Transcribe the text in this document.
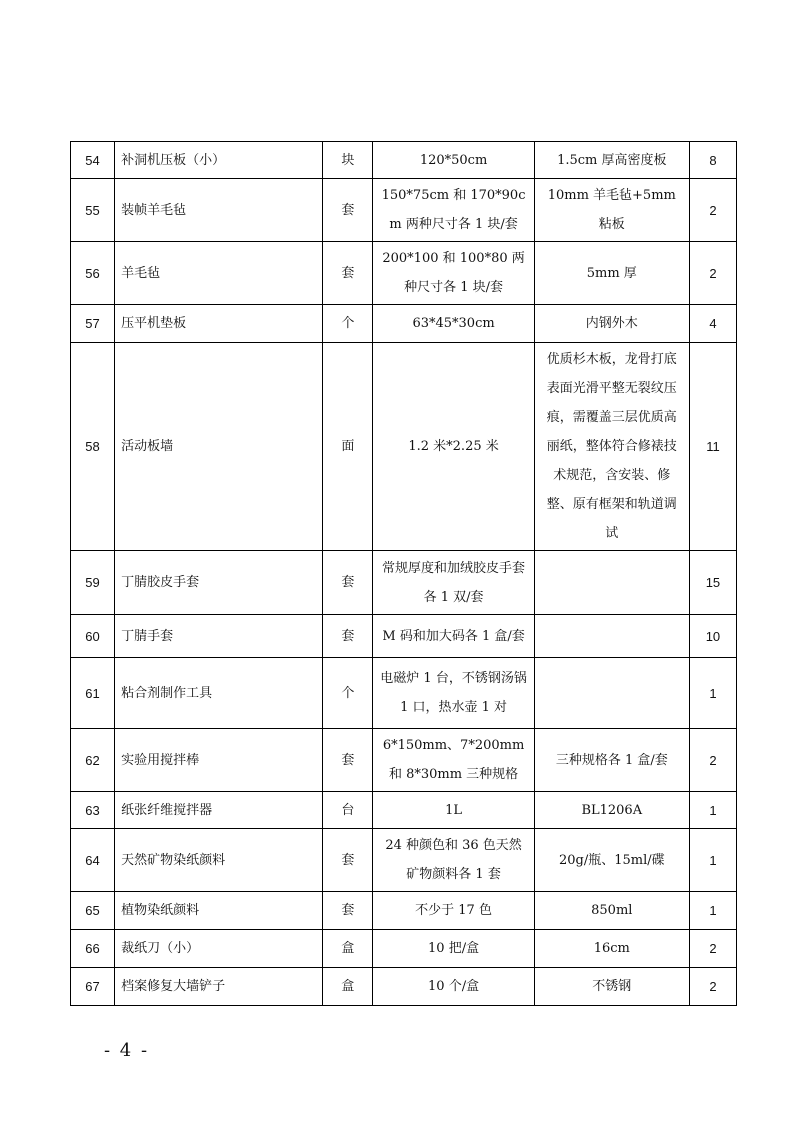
54	补洞机压板（小）	块	120*50cm	1.5cm 厚高密度板	8
55	装帧羊毛毡	套	150*75cm 和 170*90cm 两种尺寸各 1 块/套	10mm 羊毛毡+5mm 粘板	2
56	羊毛毡	套	200*100 和 100*80 两种尺寸各 1 块/套	5mm 厚	2
57	压平机垫板	个	63*45*30cm	内钢外木	4
58	活动板墙	面	1.2 米*2.25 米	优质杉木板，龙骨打底表面光滑平整无裂纹压痕，需覆盖三层优质高丽纸，整体符合修裱技术规范，含安装、修整、原有框架和轨道调试	11
59	丁腈胶皮手套	套	常规厚度和加绒胶皮手套各 1 双/套		15
60	丁腈手套	套	M 码和加大码各 1 盒/套		10
61	粘合剂制作工具	个	电磁炉 1 台，不锈钢汤锅 1 口，热水壶 1 对		1
62	实验用搅拌棒	套	6*150mm、7*200mm 和 8*30mm 三种规格	三种规格各 1 盒/套	2
63	纸张纤维搅拌器	台	1L	BL1206A	1
64	天然矿物染纸颜料	套	24 种颜色和 36 色天然矿物颜料各 1 套	20g/瓶、15ml/碟	1
65	植物染纸颜料	套	不少于 17 色	850ml	1
66	裁纸刀（小）	盒	10 把/盒	16cm	2
67	档案修复大墙铲子	盒	10 个/盒	不锈钢	2
- 4 -
